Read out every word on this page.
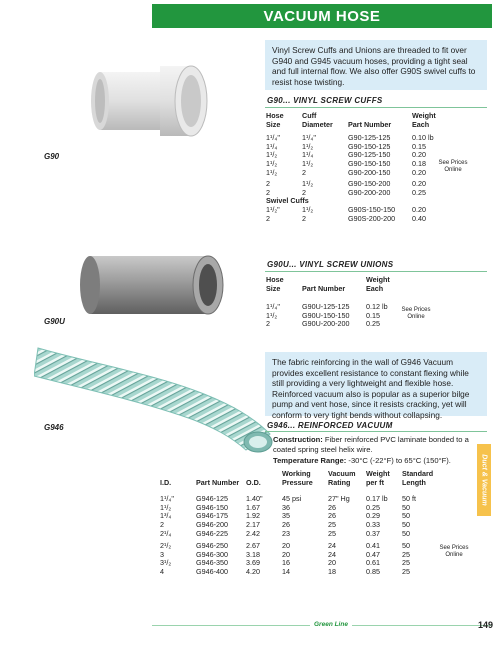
VACUUM HOSE
G90
Vinyl Screw Cuffs and Unions are threaded to fit over G940 and G945 vacuum hoses, providing a tight seal and full internal flow. We also offer G90S swivel cuffs to resist hose twisting.
G90... VINYL SCREW CUFFS
Hose Size	Cuff Diameter	Part Number	Weight Each

1¹/₄"	1¹/₄"	G90-125-125	0.10 lb
1¹/₄	1¹/₂	G90-150-125	0.15
1¹/₂	1¹/₄	G90-125-150	0.20
1¹/₂	1¹/₂	G90-150-150	0.18
1¹/₂	2	G90-200-150	0.20

2	1¹/₂	G90-150-200	0.20
2	2	G90-200-200	0.25
Swivel Cuffs			
1¹/₂"	1¹/₂	G90S-150-150	0.20
2	2	G90S-200-200	0.40
See Prices Online
G90U
G90U... VINYL SCREW UNIONS
Hose Size	Part Number	Weight Each

1¹/₄"	G90U-125-125	0.12 lb
1¹/₂	G90U-150-150	0.15
2	G90U-200-200	0.25
See Prices Online
G946
The fabric reinforcing in the wall of G946 Vacuum provides excellent resistance to constant flexing while still providing a very lightweight and flexible hose. Reinforced vacuum also is popular as a superior bilge pump and vent hose, since it resists cracking, yet will conform to very tight bends without collapsing.
G946... REINFORCED VACUUM
Construction: Fiber reinforced PVC laminate bonded to a coated spring steel helix wire.
Temperature Range: -30°C (-22°F) to 65°C (150°F).
I.D.	Part Number	O.D.	Working Pressure	Vacuum Rating	Weight per ft	Standard Length

1¹/₄"	G946-125	1.40"	45 psi	27" Hg	0.17 lb	50 ft
1¹/₂	G946-150	1.67	36	26	0.25	50
1³/₄	G946-175	1.92	35	26	0.29	50
2	G946-200	2.17	26	25	0.33	50
2¹/₄	G946-225	2.42	23	25	0.37	50

2¹/₂	G946-250	2.67	20	24	0.41	50
3	G946-300	3.18	20	24	0.47	25
3¹/₂	G946-350	3.69	16	20	0.61	25
4	G946-400	4.20	14	18	0.85	25
See Prices Online
Duct & Vacuum
Green Line	149
